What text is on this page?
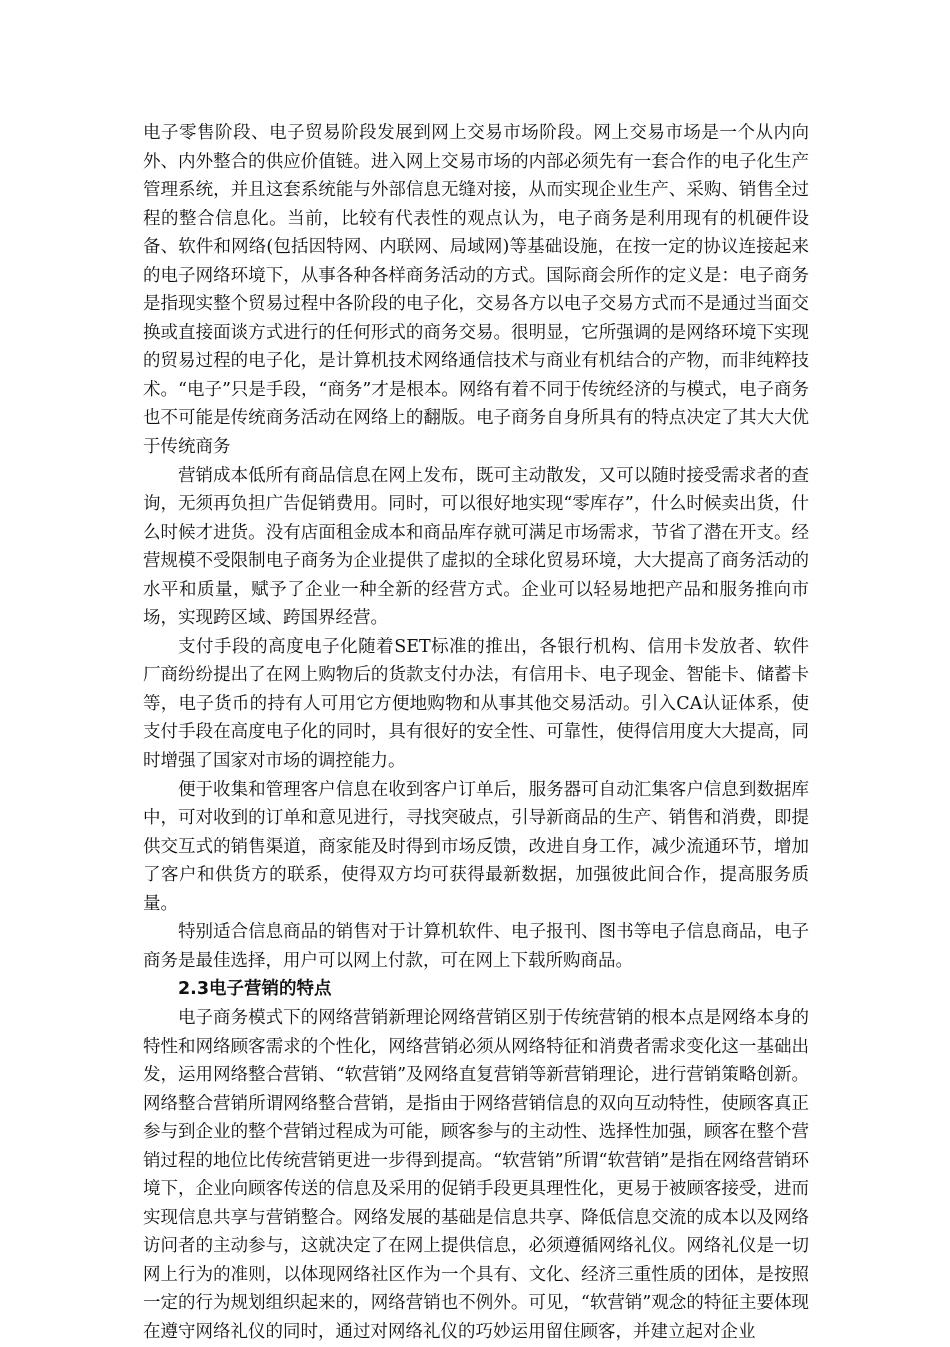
电子零售阶段、电子贸易阶段发展到网上交易市场阶段。网上交易市场是一个从内向外、内外整合的供应价值链。进入网上交易市场的内部必须先有一套合作的电子化生产管理系统，并且这套系统能与外部信息无缝对接，从而实现企业生产、采购、销售全过程的整合信息化。当前，比较有代表性的观点认为，电子商务是利用现有的机硬件设备、软件和网络(包括因特网、内联网、局域网)等基础设施，在按一定的协议连接起来的电子网络环境下，从事各种各样商务活动的方式。国际商会所作的定义是：电子商务是指现实整个贸易过程中各阶段的电子化，交易各方以电子交易方式而不是通过当面交换或直接面谈方式进行的任何形式的商务交易。很明显，它所强调的是网络环境下实现的贸易过程的电子化，是计算机技术网络通信技术与商业有机结合的产物，而非纯粹技术。“电子”只是手段，“商务”才是根本。网络有着不同于传统经济的与模式，电子商务也不可能是传统商务活动在网络上的翻版。电子商务自身所具有的特点决定了其大大优于传统商务

营销成本低所有商品信息在网上发布，既可主动散发，又可以随时接受需求者的查询，无须再负担广告促销费用。同时，可以很好地实现“零库存”，什么时候卖出货，什么时候才进货。没有店面租金成本和商品库存就可满足市场需求，节省了潜在开支。经营规模不受限制电子商务为企业提供了虚拟的全球化贸易环境，大大提高了商务活动的水平和质量，赋予了企业一种全新的经营方式。企业可以轻易地把产品和服务推向市场，实现跨区域、跨国界经营。

支付手段的高度电子化随着SET标准的推出，各银行机构、信用卡发放者、软件厂商纷纷提出了在网上购物后的货款支付办法，有信用卡、电子现金、智能卡、储蓄卡等，电子货币的持有人可用它方便地购物和从事其他交易活动。引入CA认证体系，使支付手段在高度电子化的同时，具有很好的安全性、可靠性，使得信用度大大提高，同时增强了国家对市场的调控能力。

便于收集和管理客户信息在收到客户订单后，服务器可自动汇集客户信息到数据库中，可对收到的订单和意见进行，寻找突破点，引导新商品的生产、销售和消费，即提供交互式的销售渠道，商家能及时得到市场反馈，改进自身工作，减少流通环节，增加了客户和供货方的联系，使得双方均可获得最新数据，加强彼此间合作，提高服务质量。

特别适合信息商品的销售对于计算机软件、电子报刊、图书等电子信息商品，电子商务是最佳选择，用户可以网上付款，可在网上下载所购商品。

2.3电子营销的特点

电子商务模式下的网络营销新理论网络营销区别于传统营销的根本点是网络本身的特性和网络顾客需求的个性化，网络营销必须从网络特征和消费者需求变化这一基础出发，运用网络整合营销、“软营销”及网络直复营销等新营销理论，进行营销策略创新。网络整合营销所谓网络整合营销，是指由于网络营销信息的双向互动特性，使顾客真正参与到企业的整个营销过程成为可能，顾客参与的主动性、选择性加强，顾客在整个营销过程的地位比传统营销更进一步得到提高。“软营销”所谓“软营销”是指在网络营销环境下，企业向顾客传送的信息及采用的促销手段更具理性化，更易于被顾客接受，进而实现信息共享与营销整合。网络发展的基础是信息共享、降低信息交流的成本以及网络访问者的主动参与，这就决定了在网上提供信息，必须遵循网络礼仪。网络礼仪是一切网上行为的准则，以体现网络社区作为一个具有、文化、经济三重性质的团体，是按照一定的行为规划组织起来的，网络营销也不例外。可见，“软营销”观念的特征主要体现在遵守网络礼仪的同时，通过对网络礼仪的巧妙运用留住顾客，并建立起对企业
